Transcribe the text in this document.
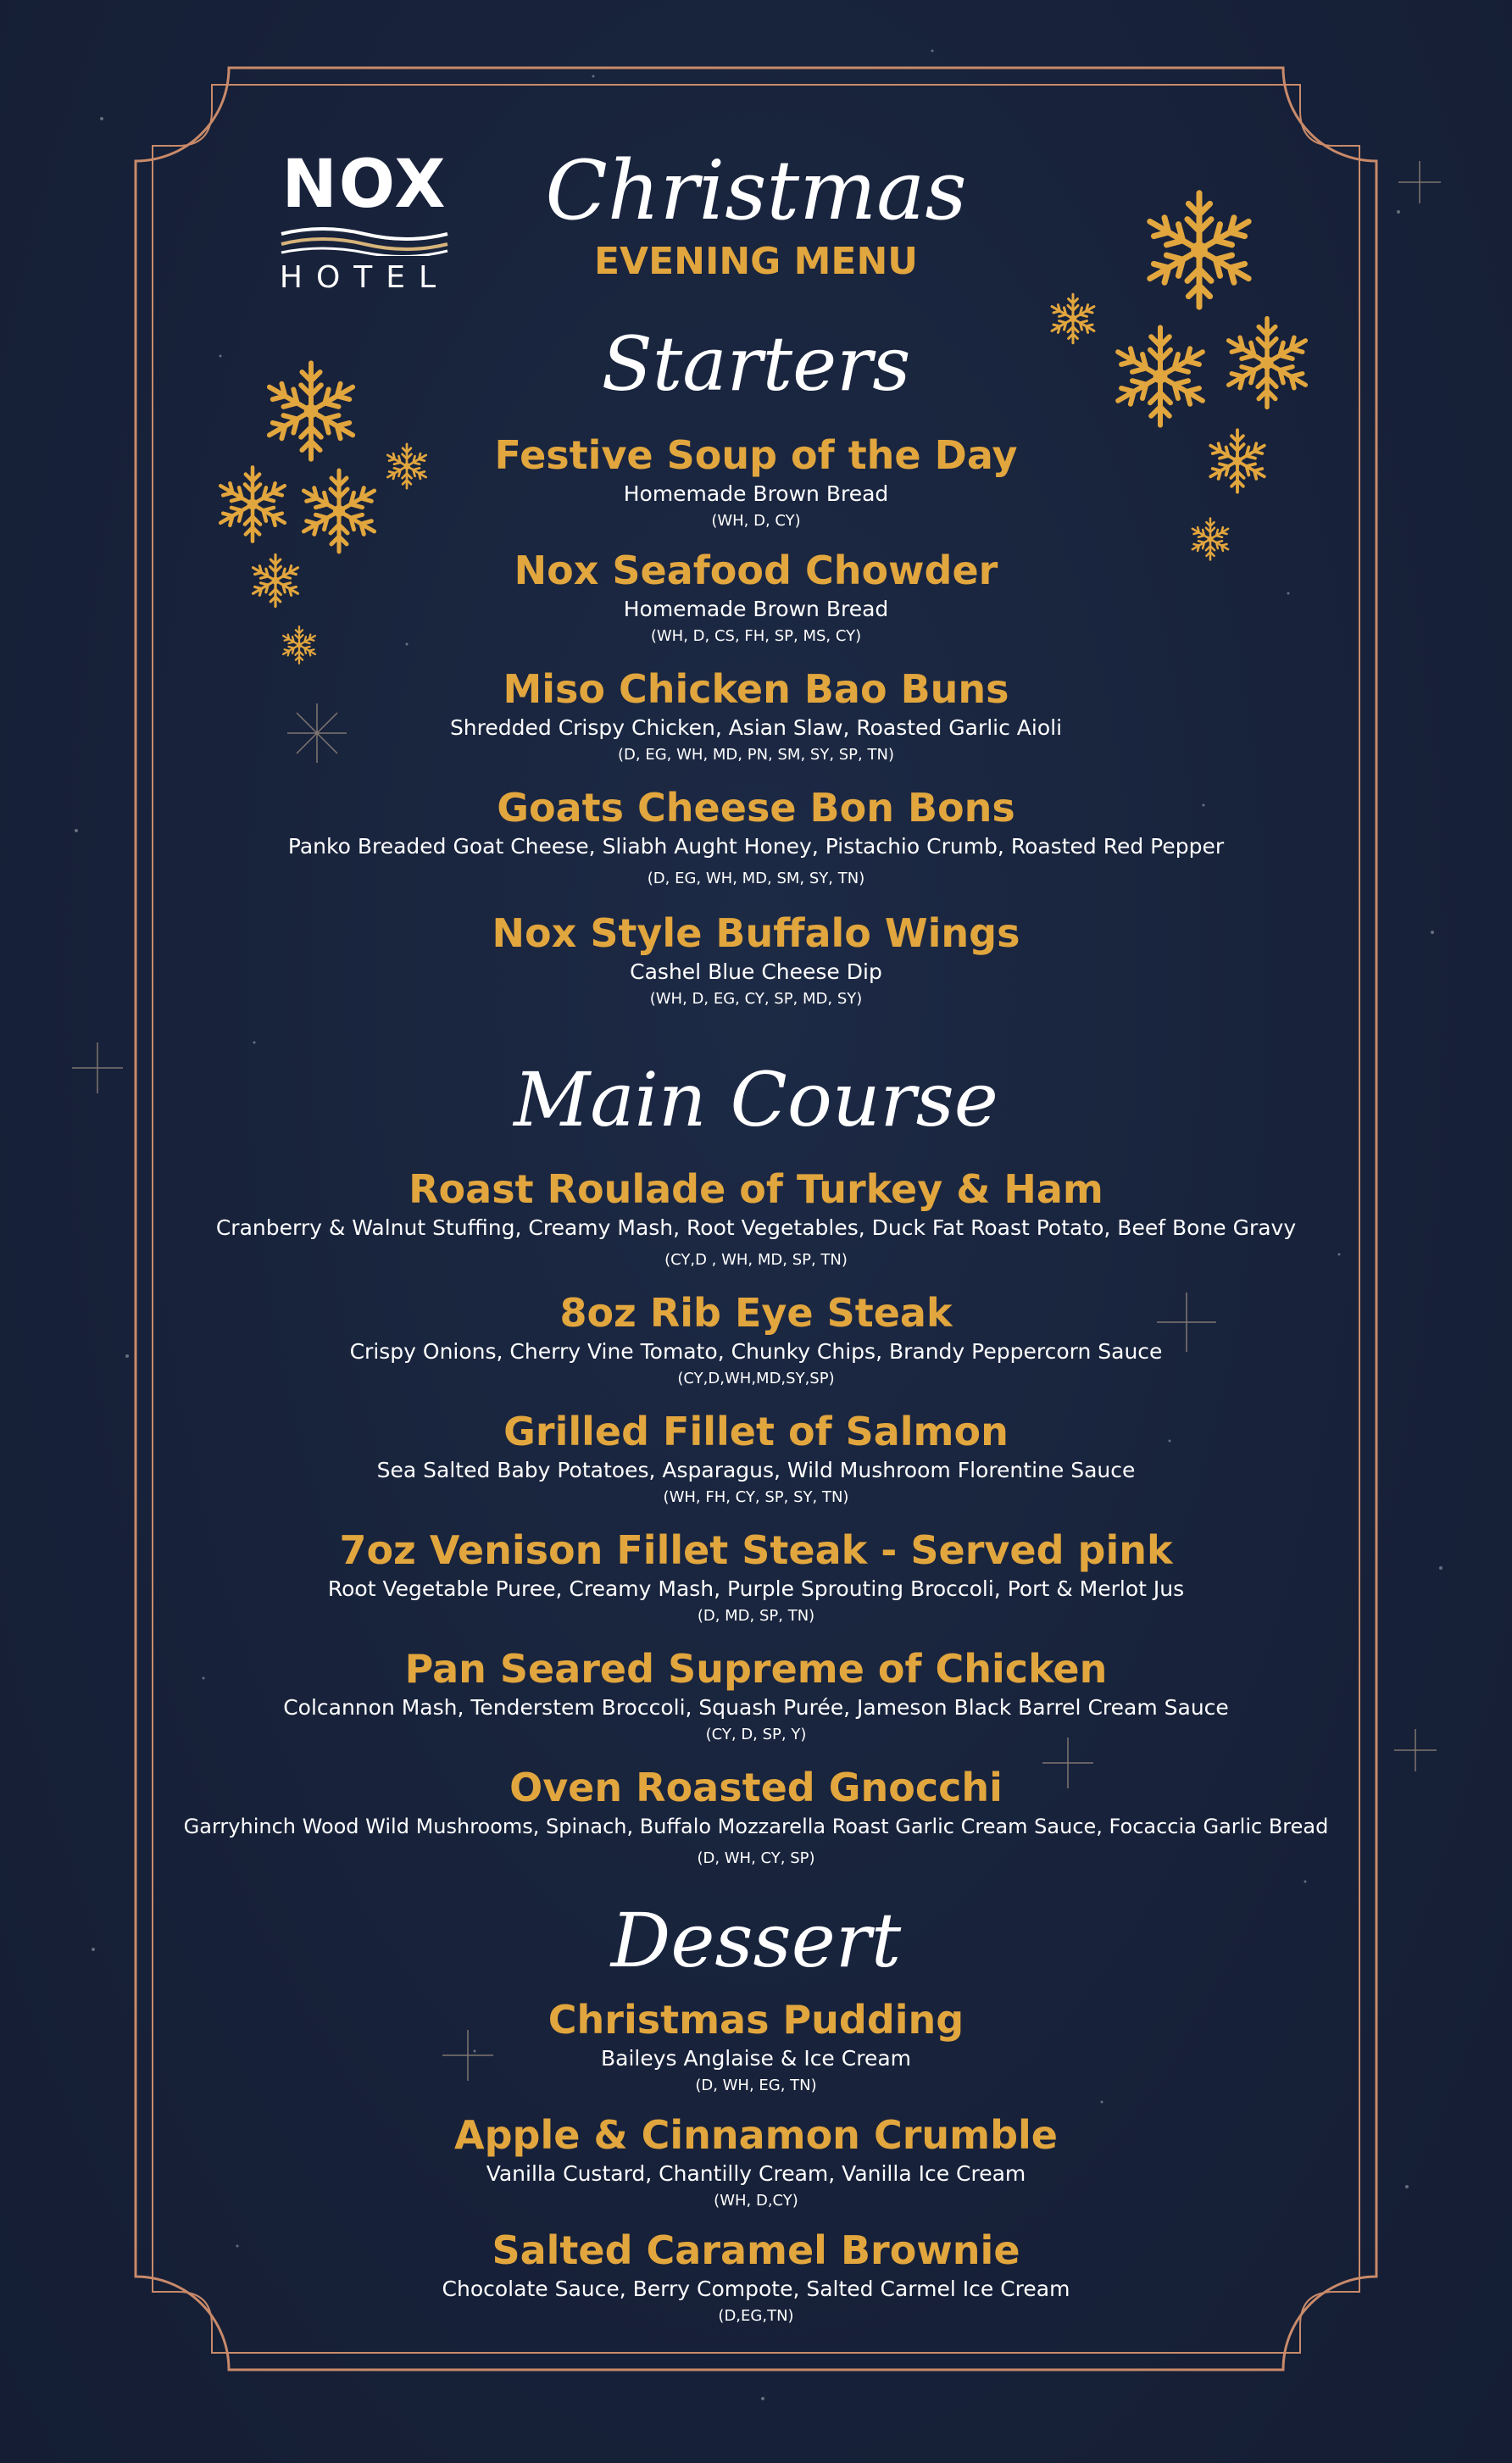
NOX
HOTEL
Christmas
EVENING MENU
Starters
Festive Soup of the Day
Homemade Brown Bread
(WH, D, CY)
Nox Seafood Chowder
Homemade Brown Bread
(WH, D, CS, FH, SP, MS, CY)
Miso Chicken Bao Buns
Shredded Crispy Chicken, Asian Slaw, Roasted Garlic Aioli
(D, EG, WH, MD, PN, SM, SY, SP, TN)
Goats Cheese Bon Bons
Panko Breaded Goat Cheese, Sliabh Aught Honey, Pistachio Crumb, Roasted Red Pepper
(D, EG, WH, MD, SM, SY, TN)
Nox Style Buffalo Wings
Cashel Blue Cheese Dip
(WH, D, EG, CY, SP, MD, SY)
Main Course
Roast Roulade of Turkey & Ham
Cranberry & Walnut Stuffing, Creamy Mash, Root Vegetables, Duck Fat Roast Potato, Beef Bone Gravy
(CY,D , WH, MD, SP, TN)
8oz Rib Eye Steak
Crispy Onions, Cherry Vine Tomato, Chunky Chips, Brandy Peppercorn Sauce
(CY,D,WH,MD,SY,SP)
Grilled Fillet of Salmon
Sea Salted Baby Potatoes, Asparagus, Wild Mushroom Florentine Sauce
(WH, FH, CY, SP, SY, TN)
7oz Venison Fillet Steak - Served pink
Root Vegetable Puree, Creamy Mash, Purple Sprouting Broccoli, Port & Merlot Jus
(D, MD, SP, TN)
Pan Seared Supreme of Chicken
Colcannon Mash, Tenderstem Broccoli, Squash Purée, Jameson Black Barrel Cream Sauce
(CY, D, SP, Y)
Oven Roasted Gnocchi
Garryhinch Wood Wild Mushrooms, Spinach, Buffalo Mozzarella Roast Garlic Cream Sauce, Focaccia Garlic Bread
(D, WH, CY, SP)
Dessert
Christmas Pudding
Baileys Anglaise & Ice Cream
(D, WH, EG, TN)
Apple & Cinnamon Crumble
Vanilla Custard, Chantilly Cream, Vanilla Ice Cream
(WH, D,CY)
Salted Caramel Brownie
Chocolate Sauce, Berry Compote, Salted Carmel Ice Cream
(D,EG,TN)
